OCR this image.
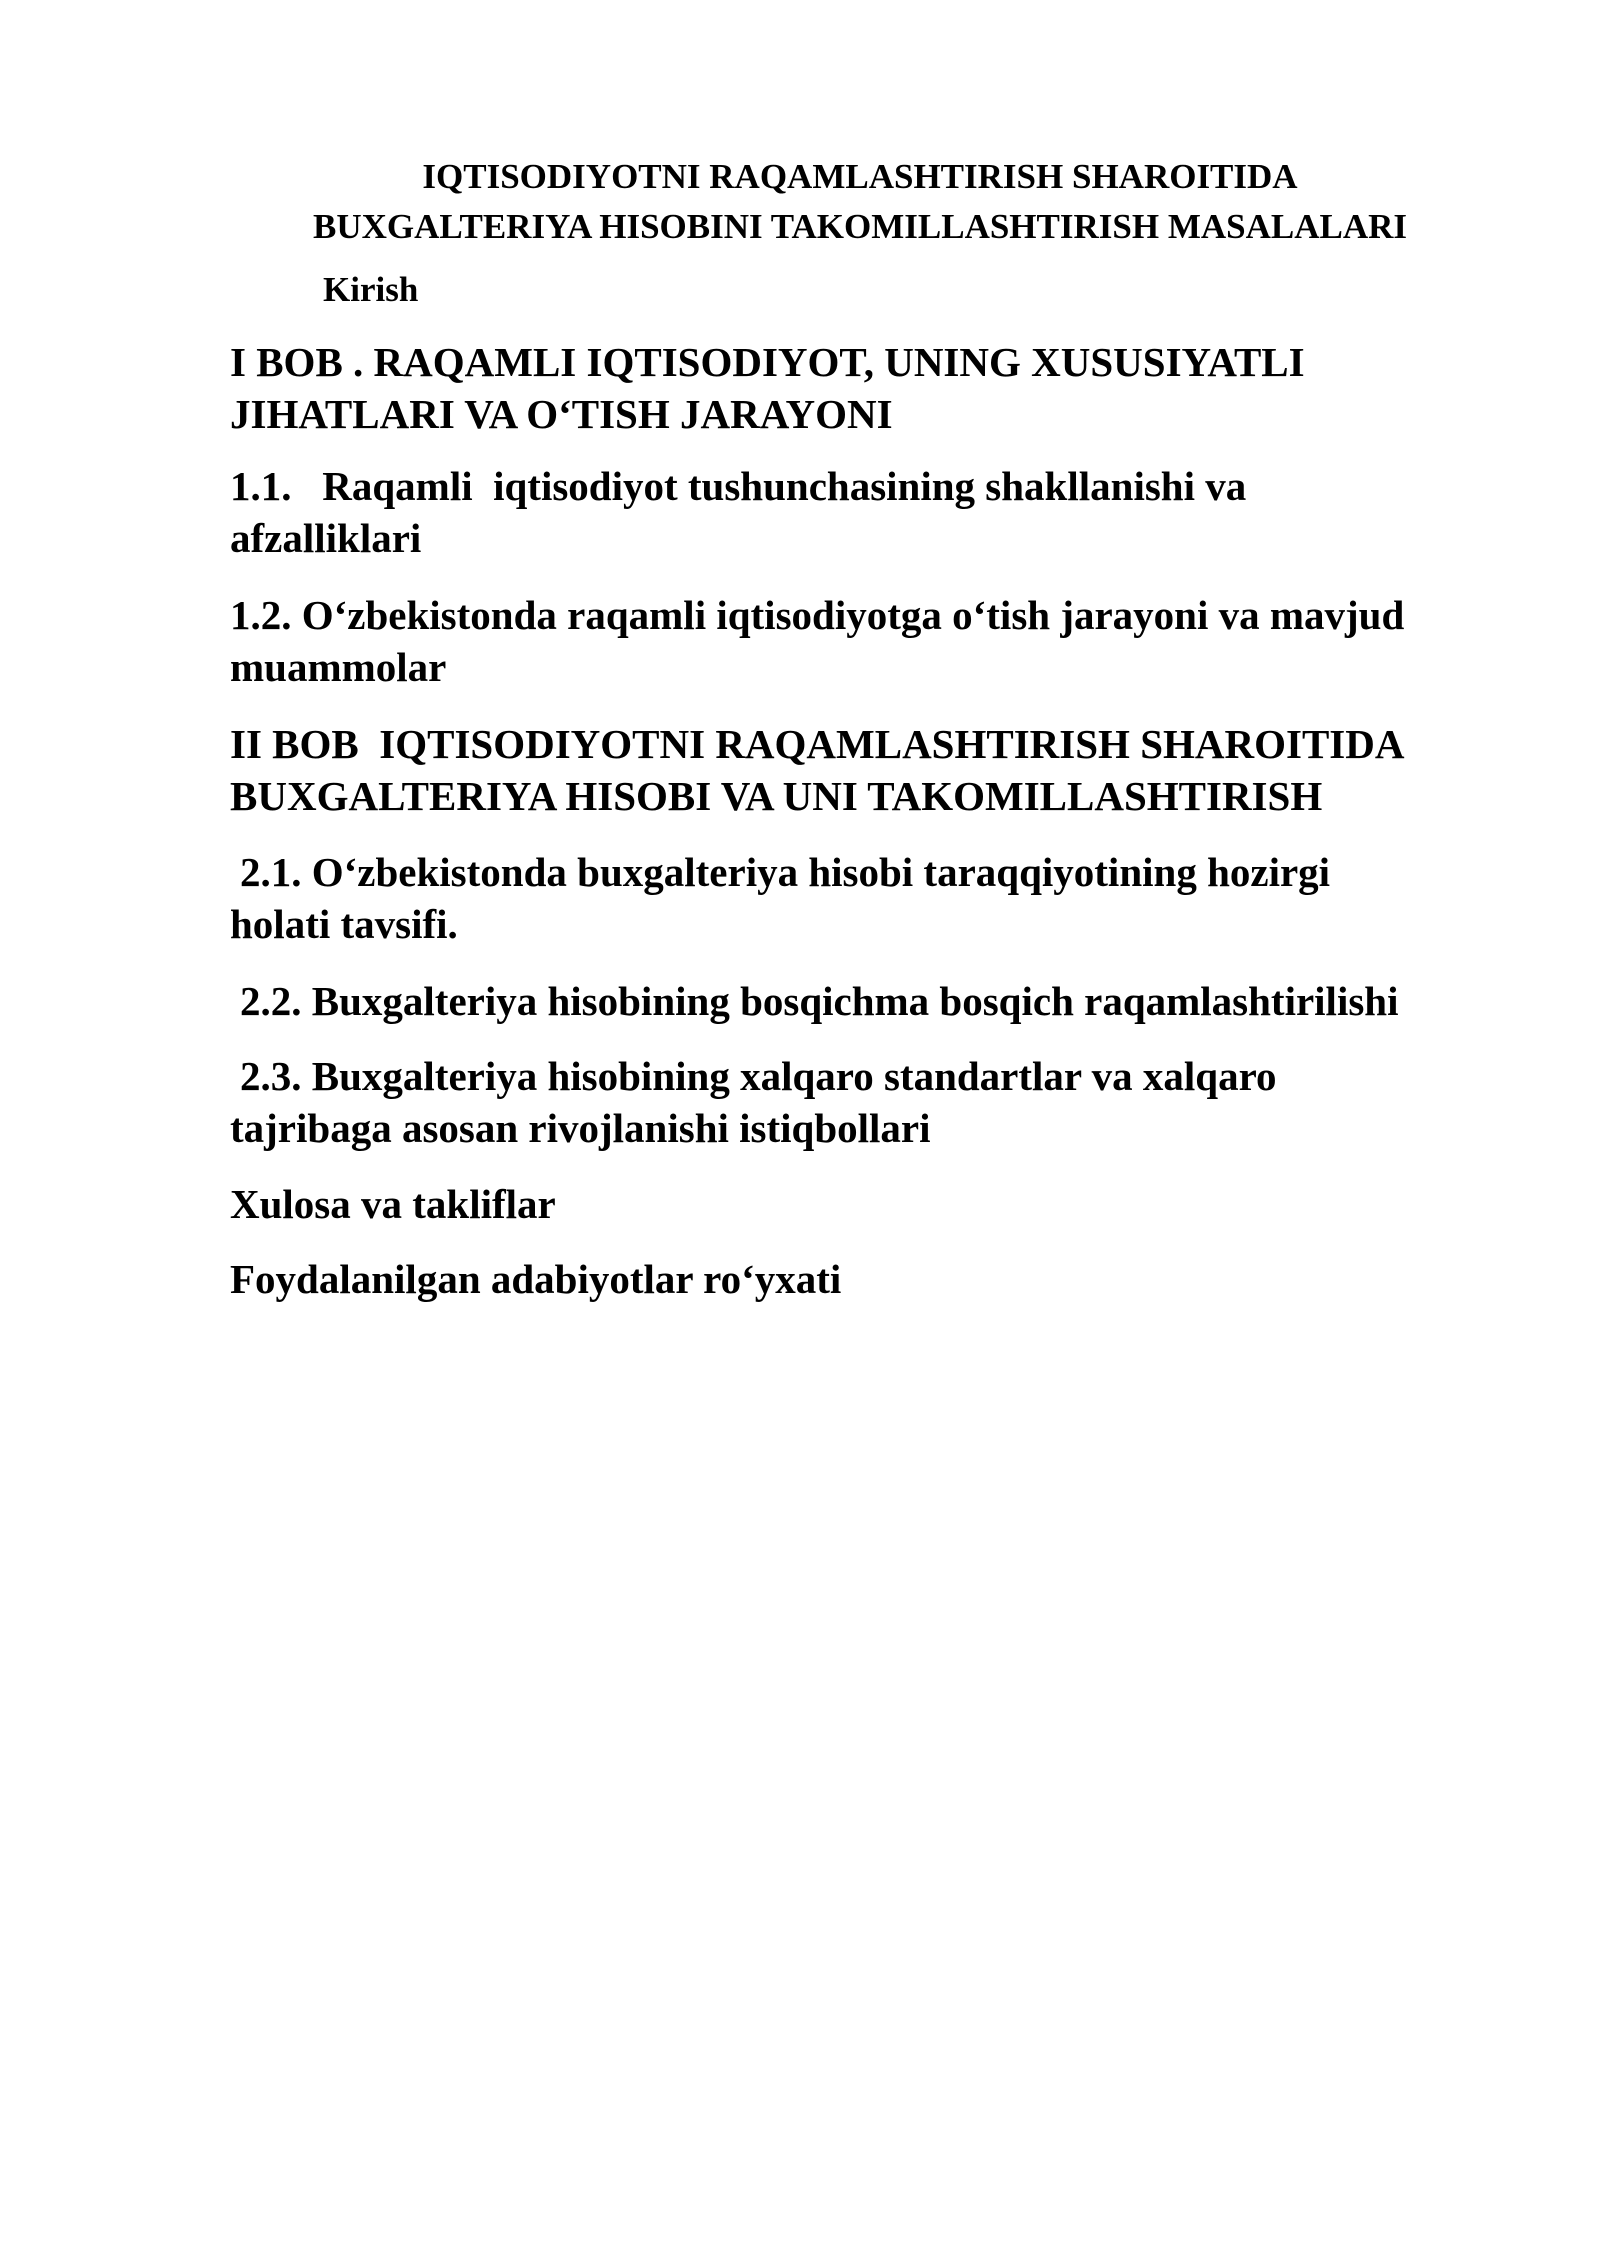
IQTISODIYOTNI RAQAMLASHTIRISH SHAROITIDA
BUXGALTERIYA HISOBINI TAKOMILLASHTIRISH MASALALARI
Kirish
I BOB . RAQAMLI IQTISODIYOT, UNING XUSUSIYATLI
JIHATLARI VA O‘TISH JARAYONI
1.1.   Raqamli  iqtisodiyot tushunchasining shakllanishi va
afzalliklari
1.2. O‘zbekistonda raqamli iqtisodiyotga o‘tish jarayoni va mavjud
muammolar
II BOB  IQTISODIYOTNI RAQAMLASHTIRISH SHAROITIDA
BUXGALTERIYA HISOBI VA UNI TAKOMILLASHTIRISH
2.1. O‘zbekistonda buxgalteriya hisobi taraqqiyotining hozirgi
holati tavsifi.
2.2. Buxgalteriya hisobining bosqichma bosqich raqamlashtirilishi
2.3. Buxgalteriya hisobining xalqaro standartlar va xalqaro
tajribaga asosan rivojlanishi istiqbollari
Xulosa va takliflar
Foydalanilgan adabiyotlar ro‘yxati
